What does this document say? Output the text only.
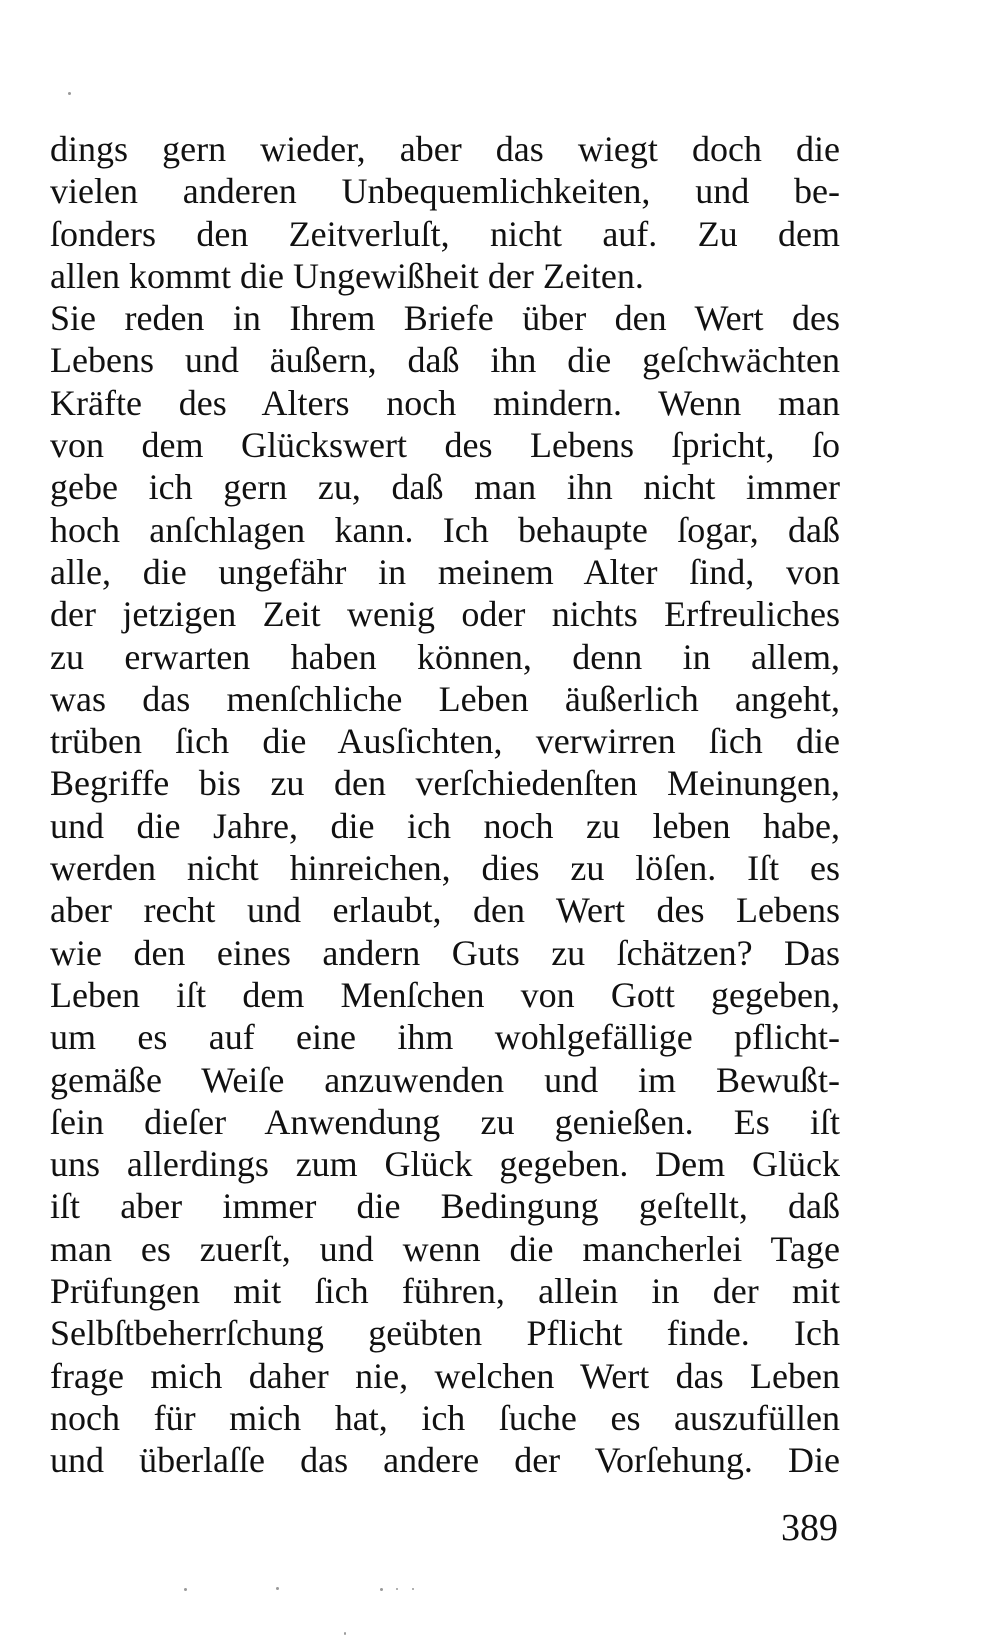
dings gern wieder, aber das wiegt doch die
vielen anderen Unbequemlichkeiten, und be-
ſonders den Zeitverluſt, nicht auf. Zu dem
allen kommt die Ungewißheit der Zeiten.
Sie reden in Ihrem Briefe über den Wert des
Lebens und äußern, daß ihn die geſchwächten
Kräfte des Alters noch mindern. Wenn man
von dem Glückswert des Lebens ſpricht, ſo
gebe ich gern zu, daß man ihn nicht immer
hoch anſchlagen kann. Ich behaupte ſogar, daß
alle, die ungefähr in meinem Alter ſind, von
der jetzigen Zeit wenig oder nichts Erfreuliches
zu erwarten haben können, denn in allem,
was das menſchliche Leben äußerlich angeht,
trüben ſich die Ausſichten, verwirren ſich die
Begriffe bis zu den verſchiedenſten Meinungen,
und die Jahre, die ich noch zu leben habe,
werden nicht hinreichen, dies zu löſen. Iſt es
aber recht und erlaubt, den Wert des Lebens
wie den eines andern Guts zu ſchätzen? Das
Leben iſt dem Menſchen von Gott gegeben,
um es auf eine ihm wohlgefällige pflicht-
gemäße Weiſe anzuwenden und im Bewußt-
ſein dieſer Anwendung zu genießen. Es iſt
uns allerdings zum Glück gegeben. Dem Glück
iſt aber immer die Bedingung geſtellt, daß
man es zuerſt, und wenn die mancherlei Tage
Prüfungen mit ſich führen, allein in der mit
Selbſtbeherrſchung geübten Pflicht finde. Ich
frage mich daher nie, welchen Wert das Leben
noch für mich hat, ich ſuche es auszufüllen
und überlaſſe das andere der Vorſehung. Die

389
